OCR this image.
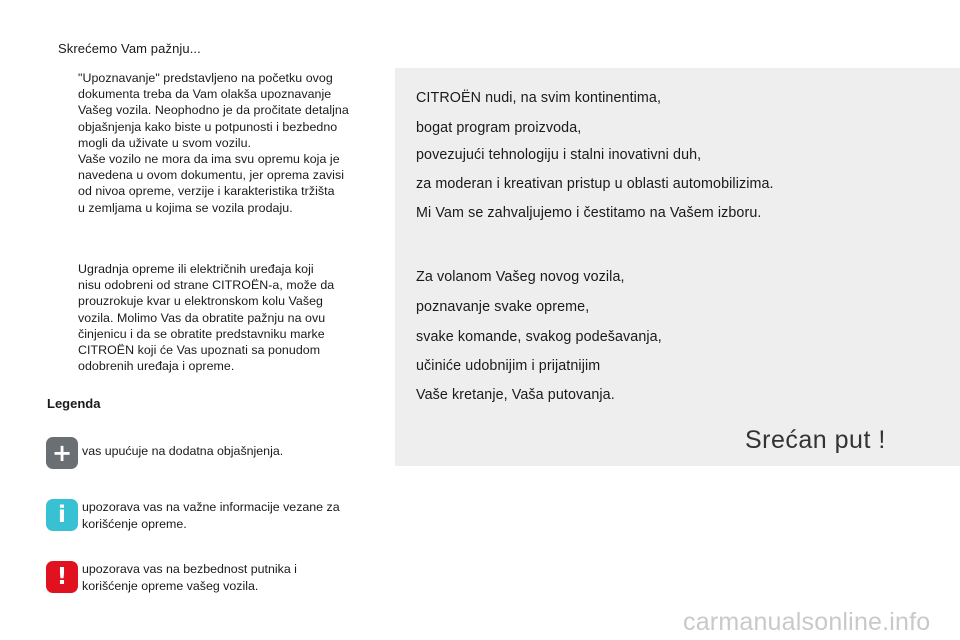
Skrećemo Vam pažnju...

"Upoznavanje" predstavljeno na početku ovog

dokumenta treba da Vam olakša upoznavanje

Vašeg vozila. Neophodno je da pročitate detaljna

objašnjenja kako biste u potpunosti i bezbedno

mogli da uživate u svom vozilu.

Vaše vozilo ne mora da ima svu opremu koja je

navedena u ovom dokumentu, jer oprema zavisi

od nivoa opreme, verzije i karakteristika tržišta

u zemljama u kojima se vozila prodaju.

Ugradnja opreme ili električnih uređaja koji

nisu odobreni od strane CITROËN-a, može da

prouzrokuje kvar u elektronskom kolu Vašeg

vozila. Molimo Vas da obratite pažnju na ovu

činjenicu i da se obratite predstavniku marke

CITROËN koji će Vas upoznati sa ponudom

odobrenih uređaja i opreme.

Legenda
+ vas upućuje na dodatna objašnjenja.
i	upozorava vas na važne informacije vezane za
korišćenje opreme.
!	upozorava vas na bezbednost putnika i
korišćenje opreme vašeg vozila.
CITROËN nudi, na svim kontinentima,
bogat program proizvoda,
povezujući tehnologiju i stalni inovativni duh,
za moderan i kreativan pristup u oblasti automobilizima.
Mi Vam se zahvaljujemo i čestitamo na Vašem izboru.
Za volanom Vašeg novog vozila,
poznavanje svake opreme,
svake komande, svakog podešavanja,
učiniće udobnijim i prijatnijim
Vaše kretanje, Vaša putovanja.
Srećan put !
carmanualsonline.info
